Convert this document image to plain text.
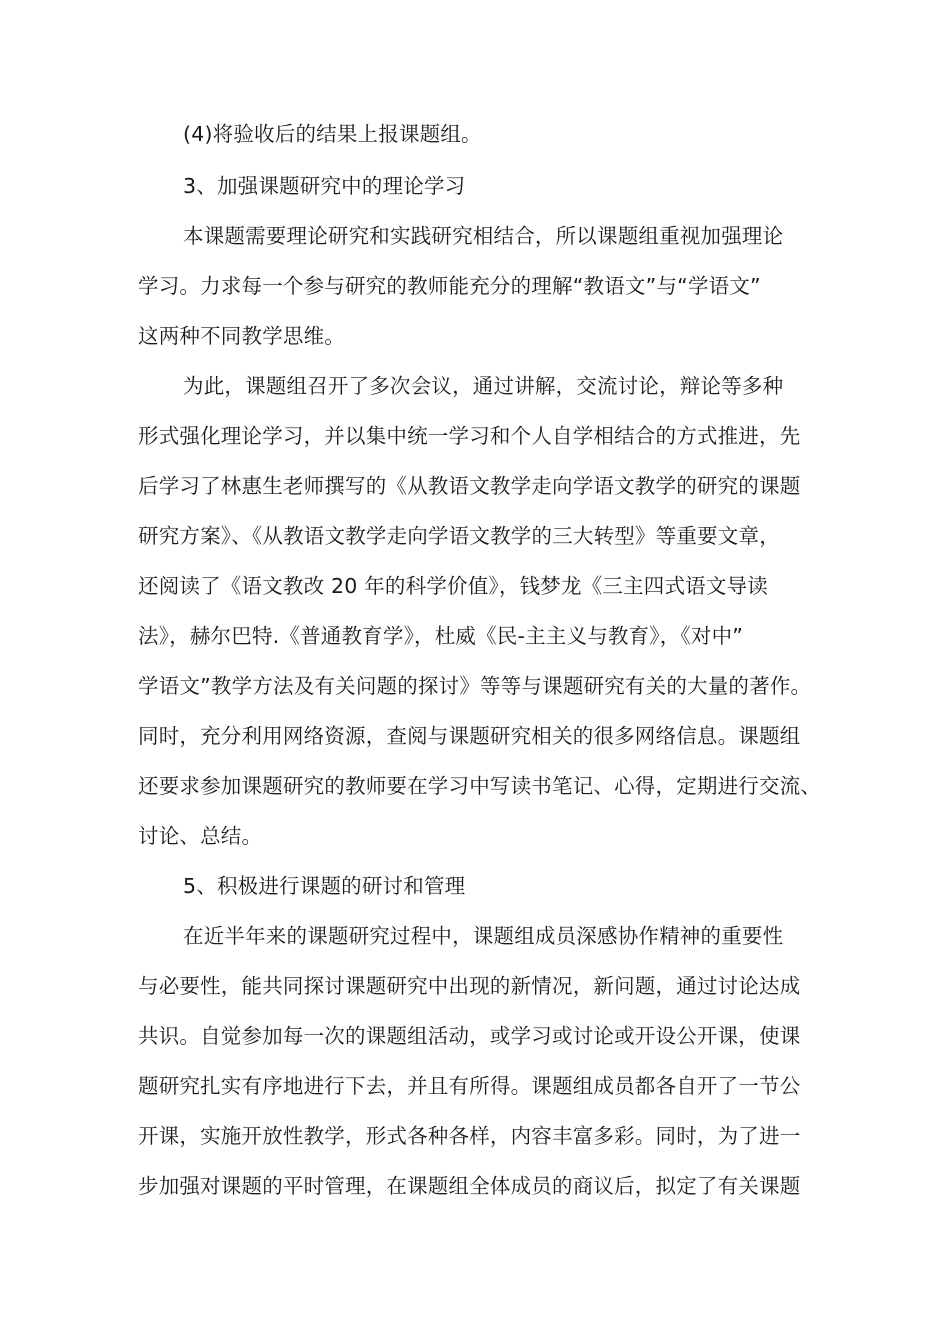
(4)将验收后的结果上报课题组。
3、加强课题研究中的理论学习
本课题需要理论研究和实践研究相结合，所以课题组重视加强理论
学习。力求每一个参与研究的教师能充分的理解“教语文”与“学语文”
这两种不同教学思维。
为此，课题组召开了多次会议，通过讲解，交流讨论，辩论等多种
形式强化理论学习，并以集中统一学习和个人自学相结合的方式推进，先
后学习了林惠生老师撰写的《从教语文教学走向学语文教学的研究的课题
研究方案》、《从教语文教学走向学语文教学的三大转型》等重要文章，
还阅读了《语文教改 20 年的科学价值》，钱梦龙《三主四式语文导读
法》，赫尔巴特.《普通教育学》，杜威《民-主主义与教育》，《对中”
学语文”教学方法及有关问题的探讨》等等与课题研究有关的大量的著作。
同时，充分利用网络资源，查阅与课题研究相关的很多网络信息。课题组
还要求参加课题研究的教师要在学习中写读书笔记、心得，定期进行交流、
讨论、总结。
5、积极进行课题的研讨和管理
在近半年来的课题研究过程中，课题组成员深感协作精神的重要性
与必要性，能共同探讨课题研究中出现的新情况，新问题，通过讨论达成
共识。自觉参加每一次的课题组活动，或学习或讨论或开设公开课，使课
题研究扎实有序地进行下去，并且有所得。课题组成员都各自开了一节公
开课，实施开放性教学，形式各种各样，内容丰富多彩。同时，为了进一
步加强对课题的平时管理，在课题组全体成员的商议后，拟定了有关课题
